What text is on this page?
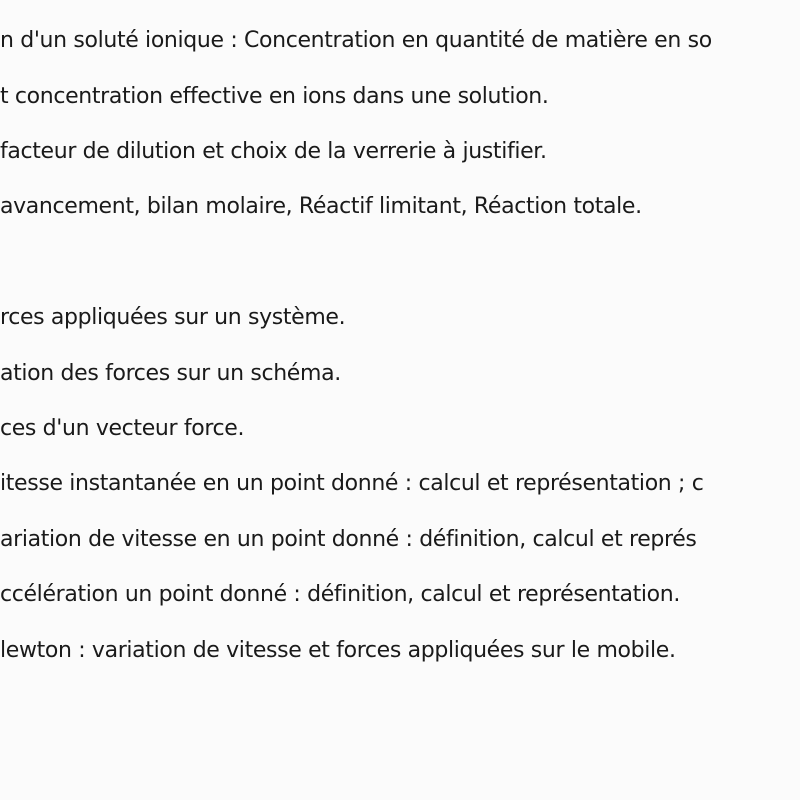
n d'un soluté ionique : Concentration en quantité de matière en so
t concentration effective en ions dans une solution.
facteur de dilution et choix de la verrerie à justifier.
avancement, bilan molaire, Réactif limitant, Réaction totale.
rces appliquées sur un système.
ation des forces sur un schéma.
ces d'un vecteur force.
itesse instantanée en un point donné : calcul et représentation ; c
ariation de vitesse en un point donné : définition, calcul et représ
ccélération un point donné : définition, calcul et représentation.
lewton : variation de vitesse et forces appliquées sur le mobile.
